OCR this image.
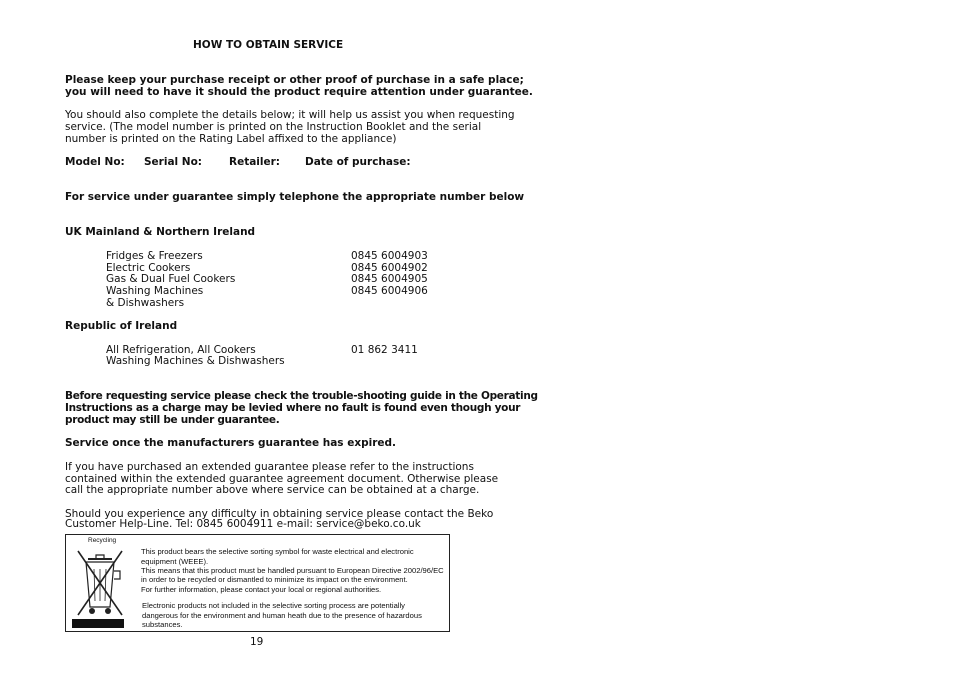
HOW TO OBTAIN SERVICE

Please keep your purchase receipt or other proof of purchase in a safe place;

you will need to have it should the product require attention under guarantee.

You should also complete the details below; it will help us assist you when requesting

service. (The model number is printed on the Instruction Booklet and the serial

number is printed on the Rating Label affixed to the appliance)

Model No: Serial No:	Retailer: Date of purchase:

For service under guarantee simply telephone the appropriate number below

UK Mainland & Northern Ireland

Fridges & Freezers	0845 6004903

Electric Cookers	0845 6004902

Gas & Dual Fuel Cookers	0845 6004905

Washing Machines	0845 6004906

& Dishwashers

Republic of Ireland

All Refrigeration, All Cookers	01 862 3411

Washing Machines & Dishwashers

Before requesting service please check the trouble-shooting guide in the Operating

Instructions as a charge may be levied where no fault is found even though your

product may still be under guarantee.

Service once the manufacturers guarantee has expired.

If you have purchased an extended guarantee please refer to the instructions

contained within the extended guarantee agreement document. Otherwise please

call the appropriate number above where service can be obtained at a charge.

Should you experience any difficulty in obtaining service please contact the Beko

Customer Help-Line. Tel: 0845 6004911 e-mail: service@beko.co.uk

Recycling

This product bears the selective sorting symbol for waste electrical and electronic

equipment (WEEE).

This means that this product must be handled pursuant to European Directive 2002/96/EC

in order to be recycled or dismantled to minimize its impact on the environment.

For further information, please contact your local or regional authorities.

Electronic products not included in the selective sorting process are potentially

dangerous for the environment and human heath due to the presence of hazardous

substances.

19
